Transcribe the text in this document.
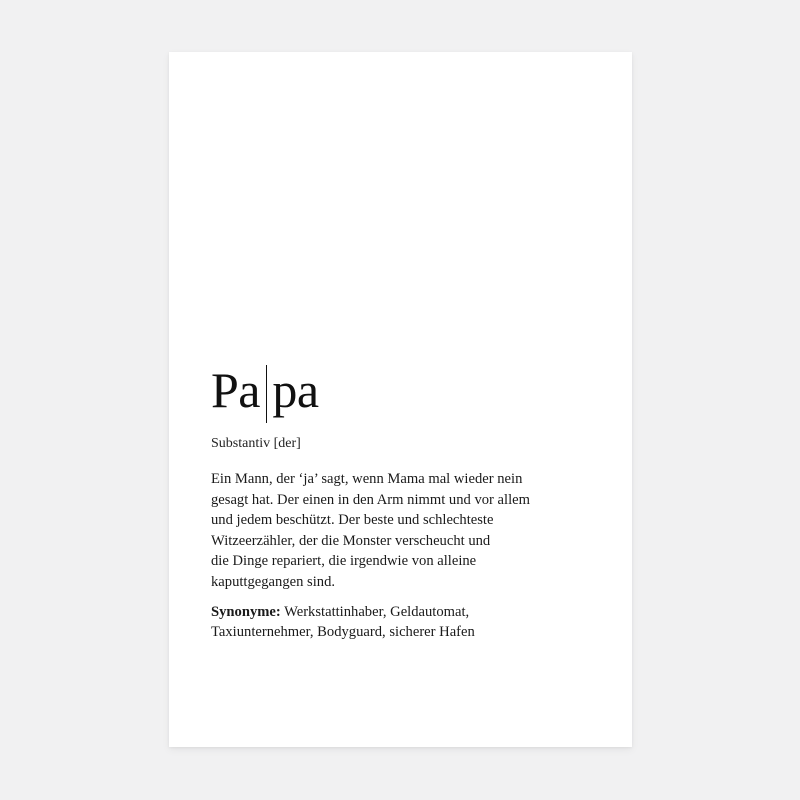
Pa pa
Substantiv [der]
Ein Mann, der ‘ja’ sagt, wenn Mama mal wieder nein
gesagt hat. Der einen in den Arm nimmt und vor allem
und jedem beschützt. Der beste und schlechteste
Witzeerzähler, der die Monster verscheucht und
die Dinge repariert, die irgendwie von alleine
kaputtgegangen sind.
Synonyme: Werkstattinhaber, Geldautomat,
Taxiunternehmer, Bodyguard, sicherer Hafen
